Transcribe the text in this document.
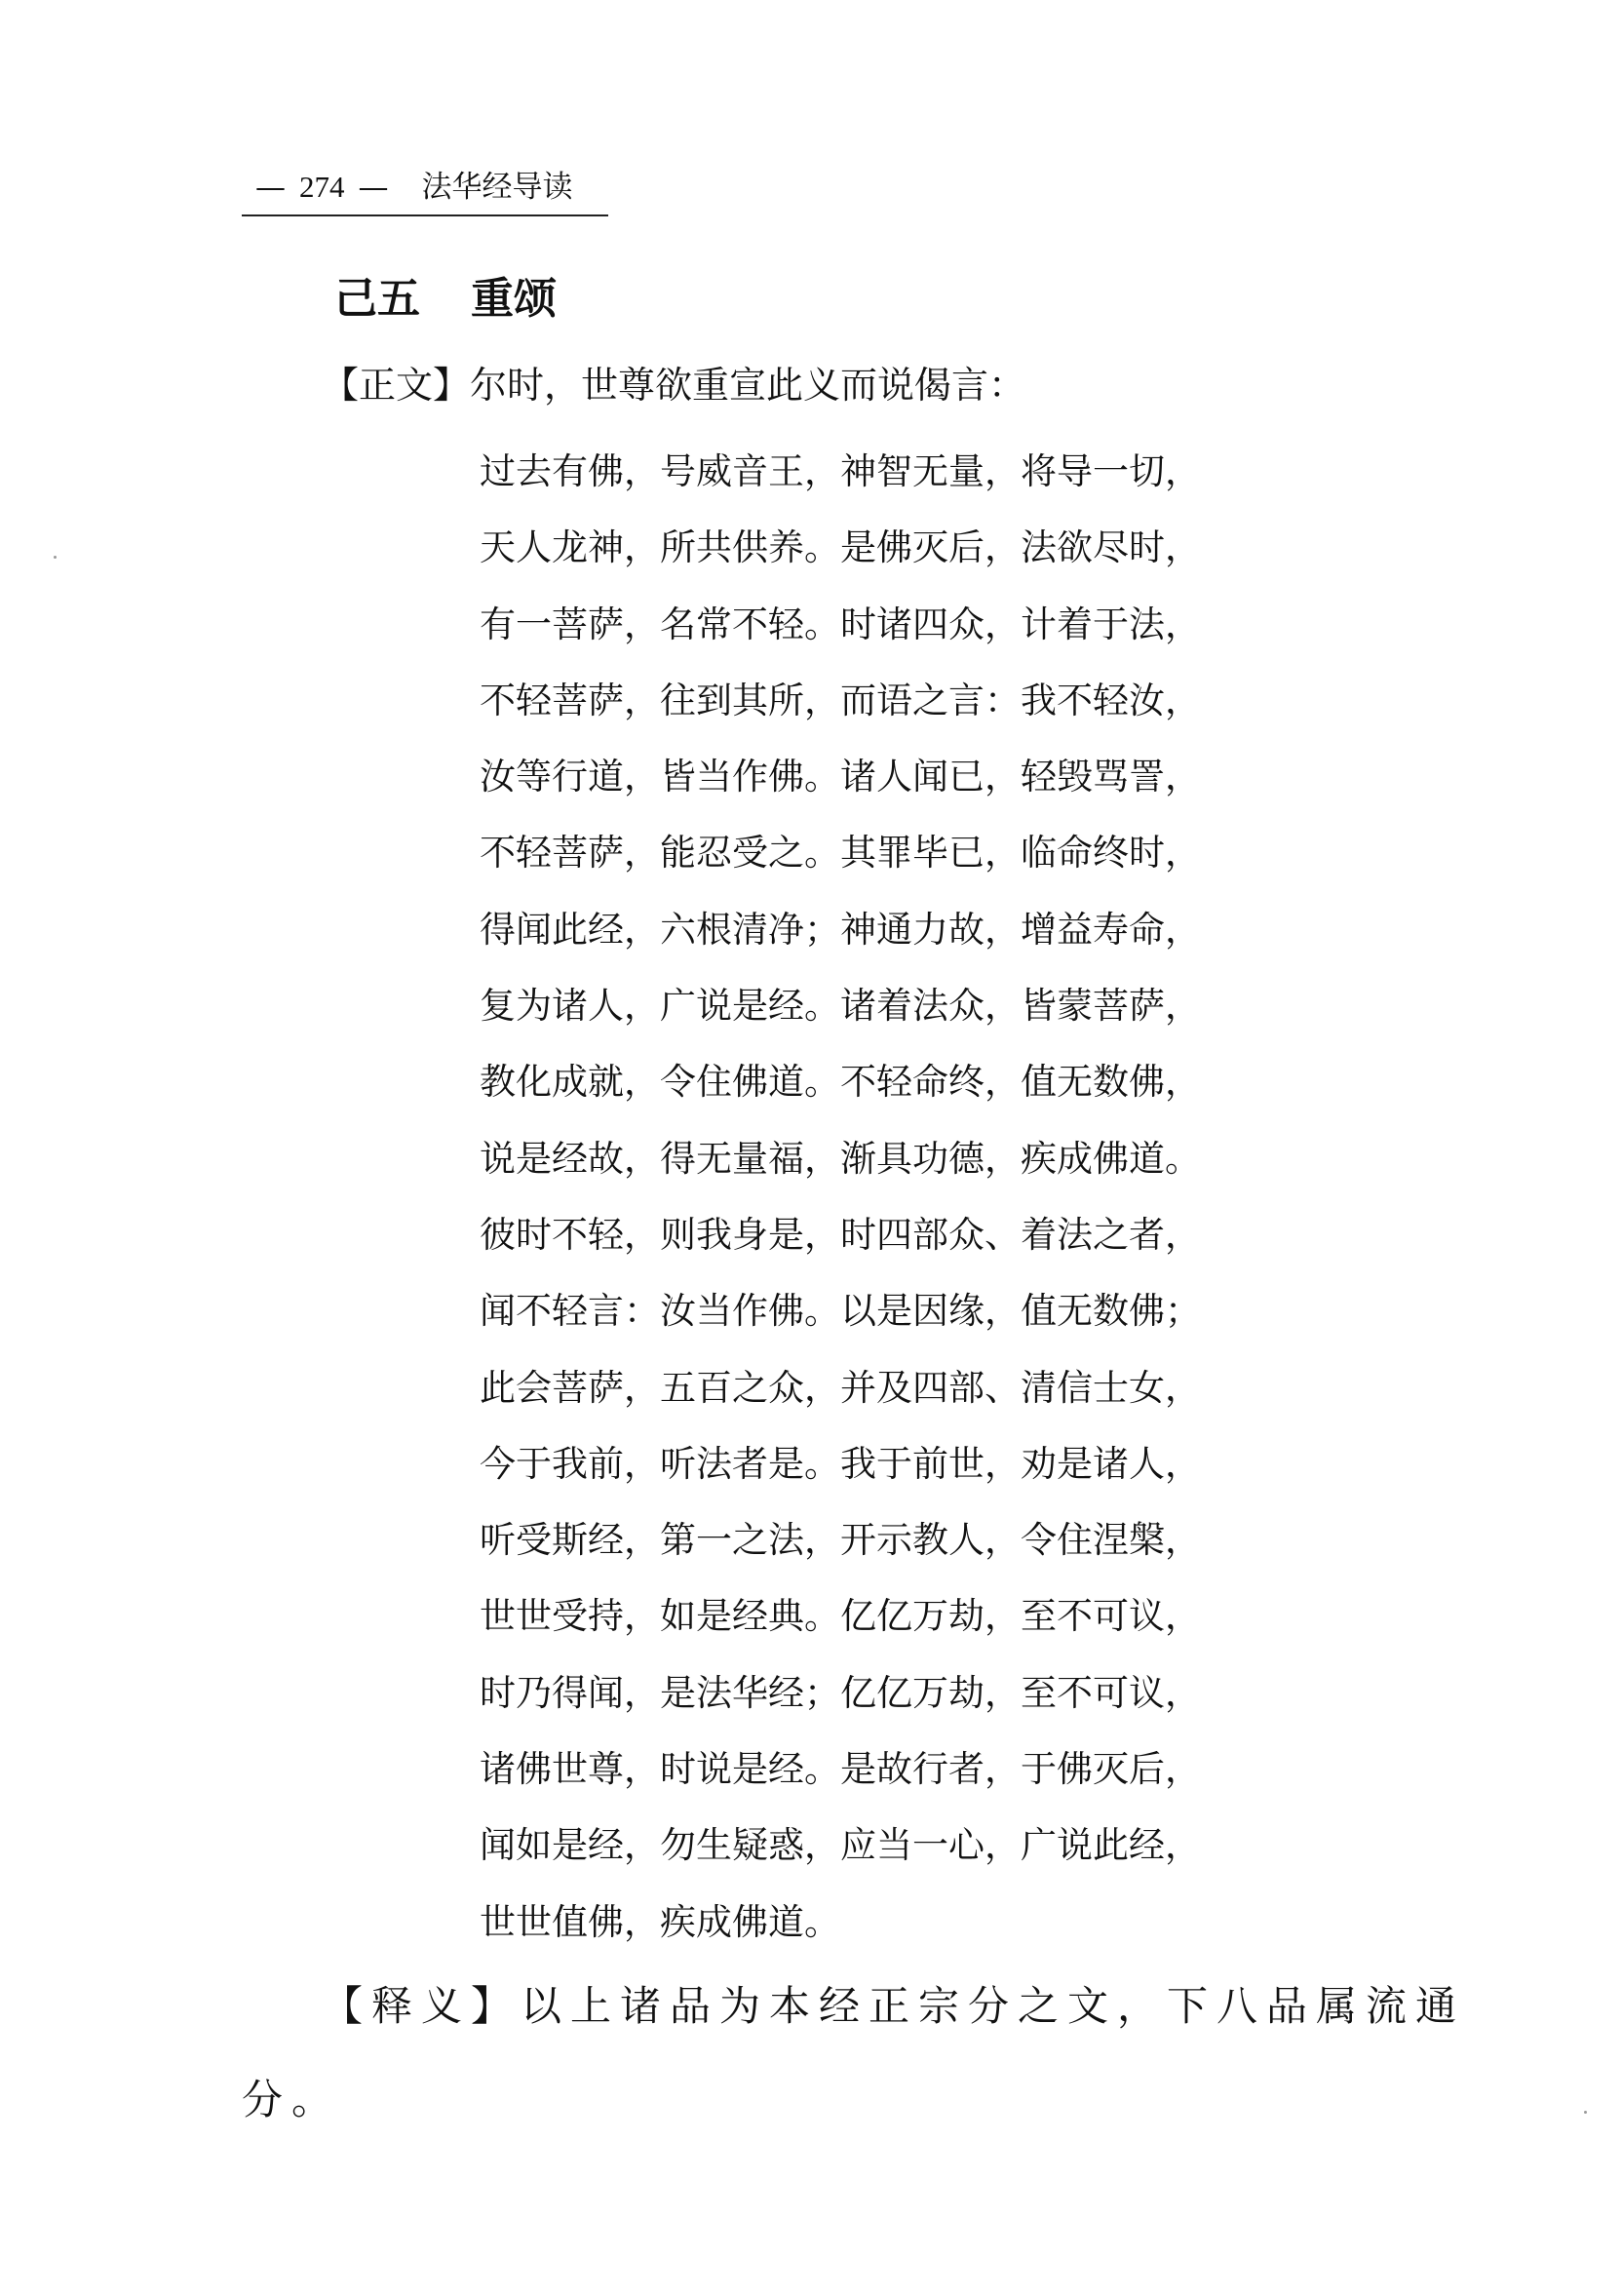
— 274 — 法华经导读
己五 重颂
【正文】尔时，世尊欲重宣此义而说偈言：
过去有佛，号威音王，神智无量，将导一切，
天人龙神，所共供养。是佛灭后，法欲尽时，
有一菩萨，名常不轻。时诸四众，计着于法，
不轻菩萨，往到其所，而语之言：我不轻汝，
汝等行道，皆当作佛。诸人闻已，轻毁骂詈，
不轻菩萨，能忍受之。其罪毕已，临命终时，
得闻此经，六根清净；神通力故，增益寿命，
复为诸人，广说是经。诸着法众，皆蒙菩萨，
教化成就，令住佛道。不轻命终，值无数佛，
说是经故，得无量福，渐具功德，疾成佛道。
彼时不轻，则我身是，时四部众、着法之者，
闻不轻言：汝当作佛。以是因缘，值无数佛；
此会菩萨，五百之众，并及四部、清信士女，
今于我前，听法者是。我于前世，劝是诸人，
听受斯经，第一之法，开示教人，令住涅槃，
世世受持，如是经典。亿亿万劫，至不可议，
时乃得闻，是法华经；亿亿万劫，至不可议，
诸佛世尊，时说是经。是故行者，于佛灭后，
闻如是经，勿生疑惑，应当一心，广说此经，
世世值佛，疾成佛道。
【释义】以上诸品为本经正宗分之文，下八品属流通
分。
